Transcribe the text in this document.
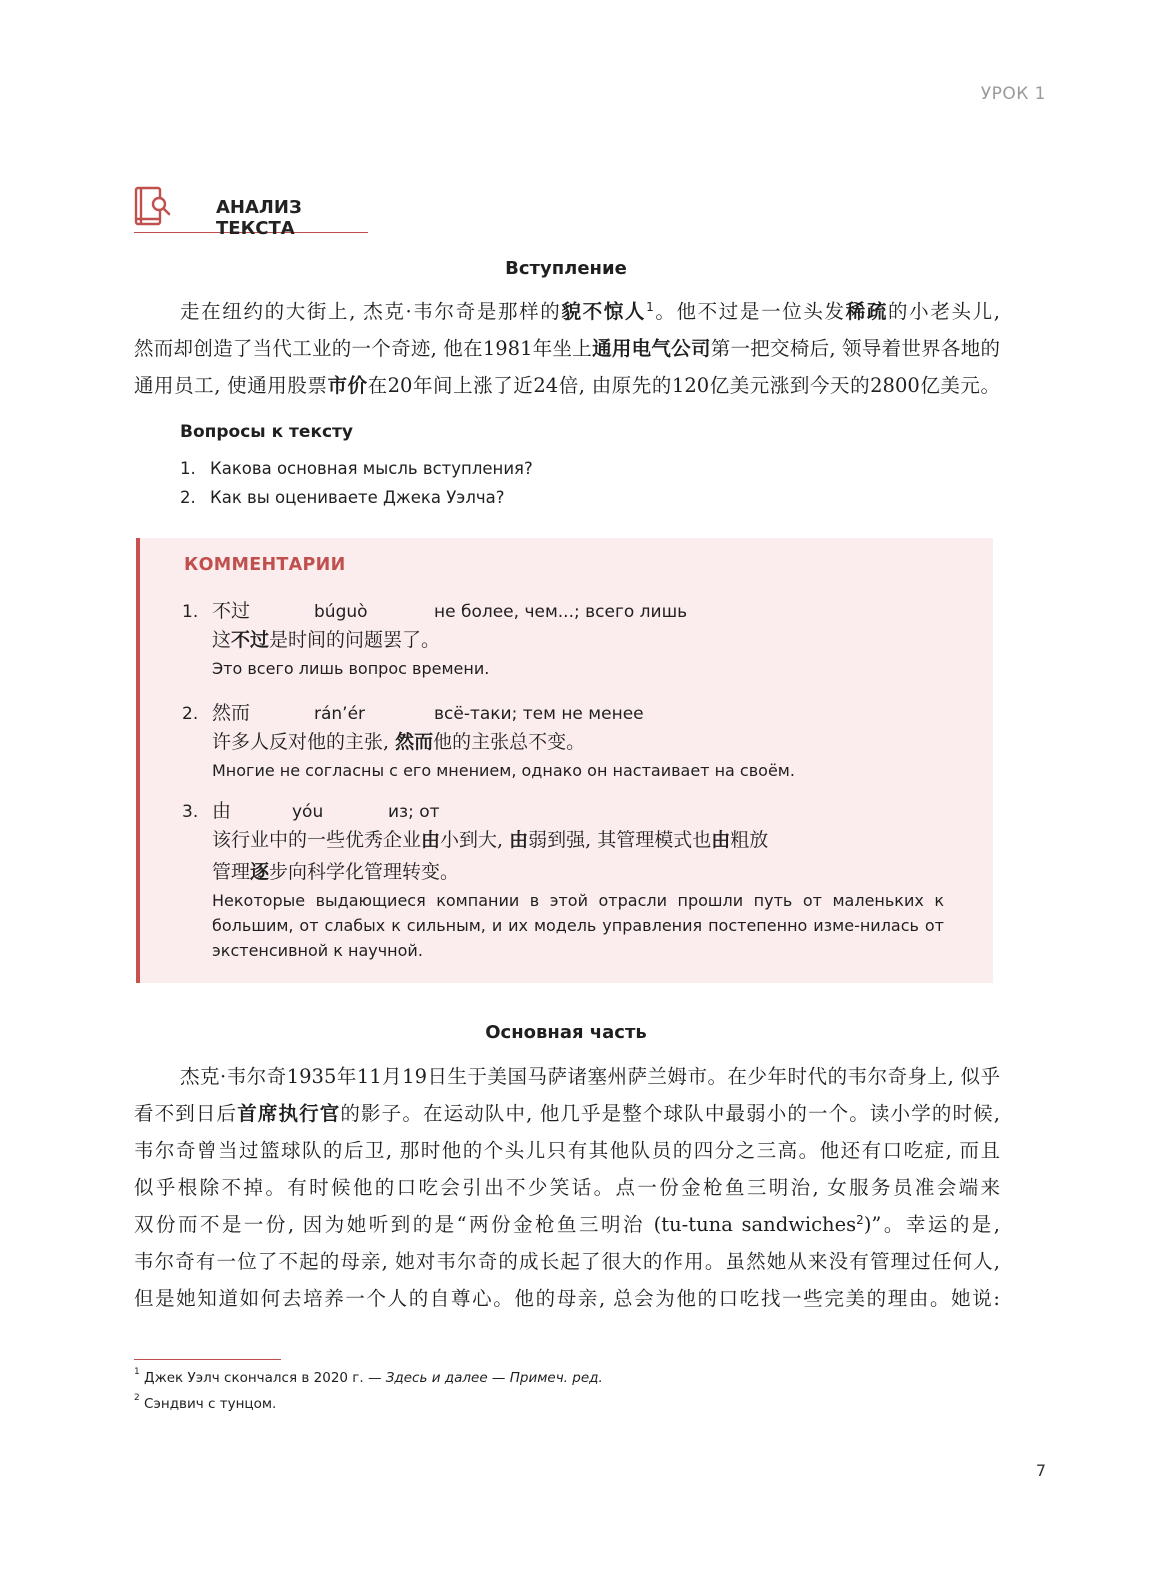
УРОК 1
АНАЛИЗ ТЕКСТА
Вступление
走在纽约的大街上, 杰克·韦尔奇是那样的貌不惊人$^1$。他不过是一位头发稀疏的小老头儿,
然而却创造了当代工业的一个奇迹, 他在1981年坐上通用电气公司第一把交椅后, 领导着世界各地的
通用员工, 使通用股票市价在20年间上涨了近24倍, 由原先的120亿美元涨到今天的2800亿美元。
Вопросы к тексту
1. Какова основная мысль вступления?
2. Как вы оцениваете Джека Уэлча?
КОММЕНТАРИИ
1. 不过	búguò	не более, чем...; всего лишь
这不过是时间的问题罢了。
Это всего лишь вопрос времени.
2. 然而	rán’ér	всё-таки; тем не менее
许多人反对他的主张, 然而他的主张总不变。
Многие не согласны с его мнением, однако он настаивает на своём.
3. 由	yóu	из; от
该行业中的一些优秀企业由小到大, 由弱到强, 其管理模式也由粗放
管理逐步向科学化管理转变。
Некоторые выдающиеся компании в этой отрасли прошли путь от маленьких к большим, от слабых к сильным, и их модель управления постепенно изме-нилась от экстенсивной к научной.
Основная часть
杰克·韦尔奇1935年11月19日生于美国马萨诸塞州萨兰姆市。在少年时代的韦尔奇身上, 似乎
看不到日后首席执行官的影子。在运动队中, 他几乎是整个球队中最弱小的一个。读小学的时候,
韦尔奇曾当过篮球队的后卫, 那时他的个头儿只有其他队员的四分之三高。他还有口吃症, 而且
似乎根除不掉。有时候他的口吃会引出不少笑话。点一份金枪鱼三明治, 女服务员准会端来
双份而不是一份, 因为她听到的是“两份金枪鱼三明治 (tu-tuna sandwiches$^2$)”。幸运的是,
韦尔奇有一位了不起的母亲, 她对韦尔奇的成长起了很大的作用。虽然她从来没有管理过任何人,
但是她知道如何去培养一个人的自尊心。他的母亲, 总会为他的口吃找一些完美的理由。她说:
$^1$ Джек Уэлч скончался в 2020 г. — Здесь и далее — Примеч. ред.
$^2$ Сэндвич с тунцом.
7
